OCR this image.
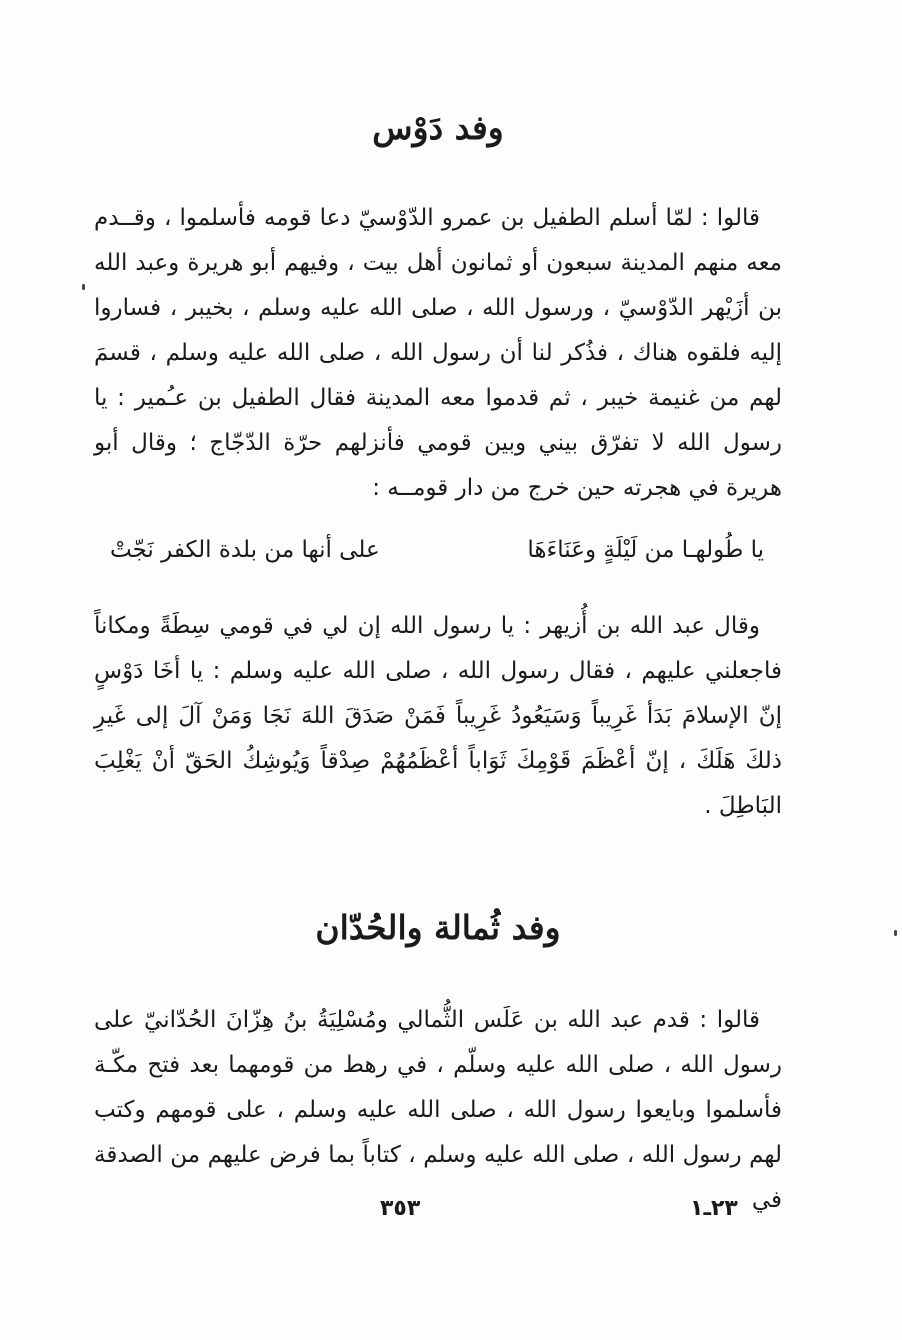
وفد دَوْس

قالوا : لمّا أسلم الطفيل بن عمرو الدّوْسيّ دعا قومه فأسلموا ، وقــدم معه منهم المدينة سبعون أو ثمانون أهل بيت ، وفيهم أبو هريرة وعبد الله بن أزَيْهر الدّوْسيّ ، ورسول الله ، صلى الله عليه وسلم ، بخيبر ، فساروا إليه فلقوه هناك ، فذُكر لنا أن رسول الله ، صلى الله عليه وسلم ، قسمَ لهم من غنيمة خيبر ، ثم قدموا معه المدينة فقال الطفيل بن عـُمير : يا رسول الله لا تفرّق بيني وبين قومي فأنزلهم حرّة الدّجّاج ؛ وقال أبو هريرة في هجرته حين خرج من دار قومــه :

يا طُولهـا من لَيْلَةٍ وعَنَاءَهَا
على أنها من بلدة الكفر نَجّتْ

وقال عبد الله بن أُزيهر : يا رسول الله إن لي في قومي سِطَةً ومكاناً فاجعلني عليهم ، فقال رسول الله ، صلى الله عليه وسلم : يا أخَا دَوْسٍ إنّ الإسلامَ بَدَأ غَرِيباً وَسَيَعُودُ غَرِيباً فَمَنْ صَدَقَ اللهَ نَجَا وَمَنْ آلَ إلى غَيرِ ذلكَ هَلَكَ ، إنّ أعْظَمَ قَوْمِكَ ثَوَاباً أعْظَمُهُمْ صِدْقاً وَيُوشِكُ الحَقّ أنْ يَغْلِبَ البَاطِلَ .

وفد ثُمالة والحُدّان

قالوا : قدم عبد الله بن عَلَس الثُّمالي ومُسْلِيَةُ بنُ هِزّانَ الحُدّانيّ على رسول الله ، صلى الله عليه وسلّم ، في رهط من قومهما بعد فتح مكّـة فأسلموا وبايعوا رسول الله ، صلى الله عليه وسلم ، على قومهم وكتب لهم رسول الله ، صلى الله عليه وسلم ، كتاباً بما فرض عليهم من الصدقة في

٣٥٣	٢٣ـ١
